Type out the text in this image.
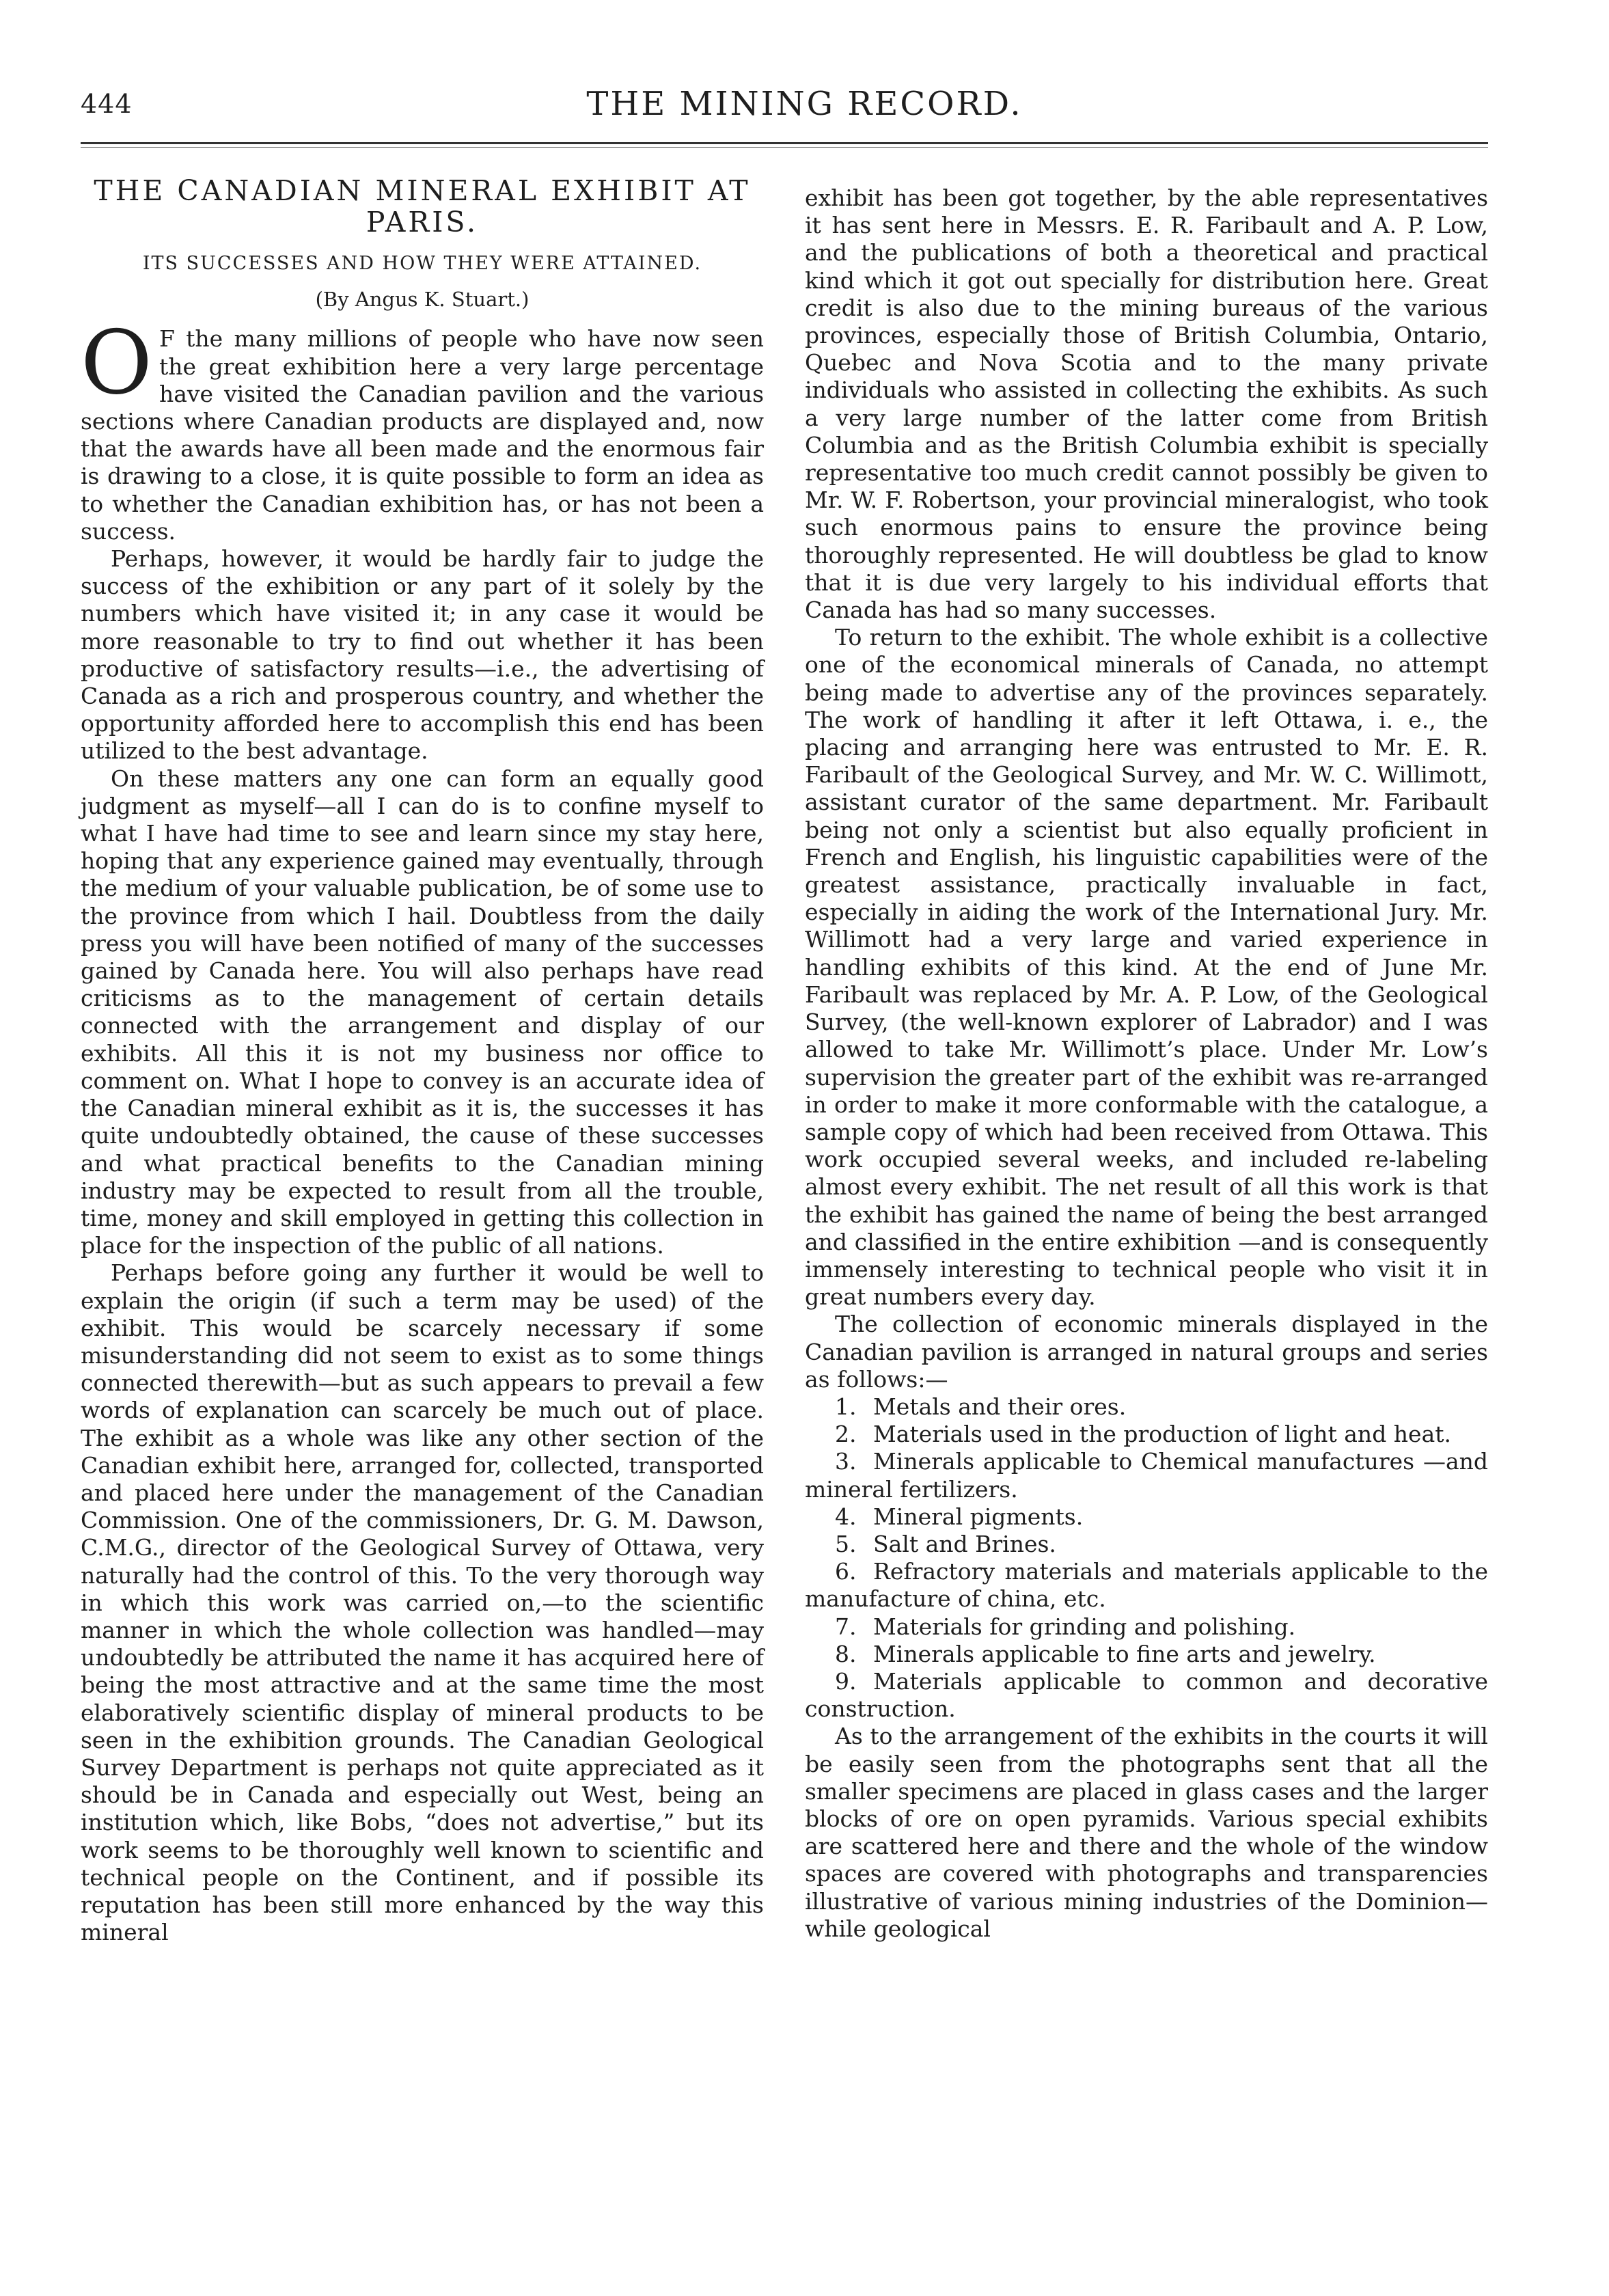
444	THE MINING RECORD.
THE CANADIAN MINERAL EXHIBIT AT PARIS.
ITS SUCCESSES AND HOW THEY WERE ATTAINED.
(By Angus K. Stuart.)

O F the many millions of people who have now seen the great exhibition here a very large percentage have visited the Canadian pavilion and the various sections where Canadian products are displayed and, now that the awards have all been made and the enormous fair is drawing to a close, it is quite possible to form an idea as to whether the Canadian exhibition has, or has not been a success.

Perhaps, however, it would be hardly fair to judge the success of the exhibition or any part of it solely by the numbers which have visited it; in any case it would be more reasonable to try to find out whether it has been productive of satisfactory results—i.e., the advertising of Canada as a rich and prosperous country, and whether the opportunity afforded here to accomplish this end has been utilized to the best advantage.

On these matters any one can form an equally good judgment as myself—all I can do is to confine myself to what I have had time to see and learn since my stay here, hoping that any experience gained may eventually, through the medium of your valuable publication, be of some use to the province from which I hail. Doubtless from the daily press you will have been notified of many of the successes gained by Canada here. You will also perhaps have read criticisms as to the management of certain details connected with the arrangement and display of our exhibits. All this it is not my business nor office to comment on. What I hope to convey is an accurate idea of the Canadian mineral exhibit as it is, the successes it has quite undoubtedly obtained, the cause of these successes and what practical benefits to the Canadian mining industry may be expected to result from all the trouble, time, money and skill employed in getting this collection in place for the inspection of the public of all nations.

Perhaps before going any further it would be well to explain the origin (if such a term may be used) of the exhibit. This would be scarcely necessary if some misunderstanding did not seem to exist as to some things connected therewith—but as such appears to prevail a few words of explanation can scarcely be much out of place. The exhibit as a whole was like any other section of the Canadian exhibit here, arranged for, collected, transported and placed here under the management of the Canadian Commission. One of the commissioners, Dr. G. M. Dawson, C.M.G., director of the Geological Survey of Ottawa, very naturally had the control of this. To the very thorough way in which this work was carried on,—to the scientific manner in which the whole collection was handled—may undoubtedly be attributed the name it has acquired here of being the most attractive and at the same time the most elaboratively scientific display of mineral products to be seen in the exhibition grounds. The Canadian Geological Survey Department is perhaps not quite appreciated as it should be in Canada and especially out West, being an institution which, like Bobs, “does not advertise,” but its work seems to be thoroughly well known to scientific and technical people on the Continent, and if possible its reputation has been still more enhanced by the way this mineral

exhibit has been got together, by the able representatives it has sent here in Messrs. E. R. Faribault and A. P. Low, and the publications of both a theoretical and practical kind which it got out specially for distribution here. Great credit is also due to the mining bureaus of the various provinces, especially those of British Columbia, Ontario, Quebec and Nova Scotia and to the many private individuals who assisted in collecting the exhibits. As such a very large number of the latter come from British Columbia and as the British Columbia exhibit is specially representative too much credit cannot possibly be given to Mr. W. F. Robertson, your provincial mineralogist, who took such enormous pains to ensure the province being thoroughly represented. He will doubtless be glad to know that it is due very largely to his individual efforts that Canada has had so many successes.

To return to the exhibit. The whole exhibit is a collective one of the economical minerals of Canada, no attempt being made to advertise any of the provinces separately. The work of handling it after it left Ottawa, i. e., the placing and arranging here was entrusted to Mr. E. R. Faribault of the Geological Survey, and Mr. W. C. Willimott, assistant curator of the same department. Mr. Faribault being not only a scientist but also equally proficient in French and English, his linguistic capabilities were of the greatest assistance, practically invaluable in fact, especially in aiding the work of the International Jury. Mr. Willimott had a very large and varied experience in handling exhibits of this kind. At the end of June Mr. Faribault was replaced by Mr. A. P. Low, of the Geological Survey, (the well-known explorer of Labrador) and I was allowed to take Mr. Willimott’s place. Under Mr. Low’s supervision the greater part of the exhibit was re-arranged in order to make it more conformable with the catalogue, a sample copy of which had been received from Ottawa. This work occupied several weeks, and included re-labeling almost every exhibit. The net result of all this work is that the exhibit has gained the name of being the best arranged and classified in the entire exhibition —and is consequently immensely interesting to technical people who visit it in great numbers every day.

The collection of economic minerals displayed in the Canadian pavilion is arranged in natural groups and series as follows:—

1. Metals and their ores.
2. Materials used in the production of light and heat.
3. Minerals applicable to Chemical manufactures —and mineral fertilizers.
4. Mineral pigments.
5. Salt and Brines.
6. Refractory materials and materials applicable to the manufacture of china, etc.
7. Materials for grinding and polishing.
8. Minerals applicable to fine arts and jewelry.
9. Materials applicable to common and decorative construction.

As to the arrangement of the exhibits in the courts it will be easily seen from the photographs sent that all the smaller specimens are placed in glass cases and the larger blocks of ore on open pyramids. Various special exhibits are scattered here and there and the whole of the window spaces are covered with photographs and transparencies illustrative of various mining industries of the Dominion—while geological
